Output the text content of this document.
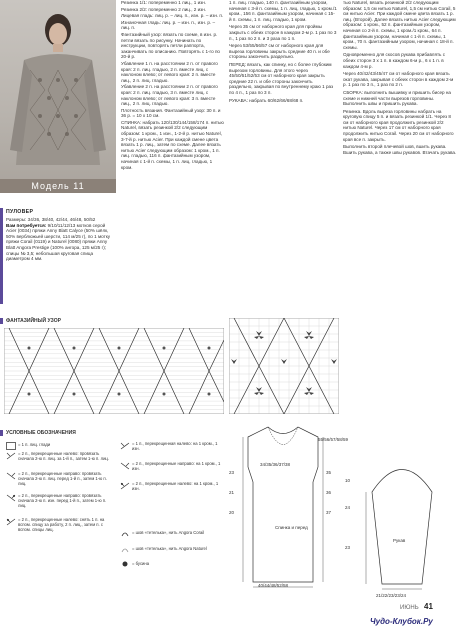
Модель 11
ПУЛОВЕР
Размеры: 34/36, 38/40, 42/44, 46/48, 50/52
Вам потребуется: 9/10/11/12/13 мотков серой Acier (0034) пряжи Anny Blatt Calyce (50% шёлк, 50% верблюжьей шерсти, 114 м/25 г), по 1 мотку пряжи Corail (0119) и Naturel (0080) пряжи Anny Blatt Angora Prestige (100% ангора, 125 м/25 г); спицы № 3,5; небольшая круговая спица диаметром 4 мм.

Резинка 1/1: попеременно 1 лиц., 1 изн.

Резинка 2/2: попеременно 2 лиц., 2 изн.

Лицевая гладь: лиц. р. – лиц. п., изн. р. – изн. п.

Изнаночная гладь: лиц. р. – изн. п., изн. р. – лиц. п.

Фантазийный узор: вязать по схеме, в изн. р. петли вязать по рисунку. Начинать по инструкции, повторять петли раппорта, заканчивать по описанию. Повторять с 1-го по 20-й р.

Убавление 1 п. на расстоянии 2 п. от правого края: 2 п. лиц. гладью, 2 п. вместе лиц. с наклоном влево; от левого края: 2 п. вместе лиц., 2 п. лиц. гладью.

Убавление 2 п. на расстоянии 2 п. от правого края: 2 п. лиц. гладью, 3 п. вместе лиц. с наклоном влево; от левого края: 3 п. вместе лиц., 2 п. лиц. гладью.

Плотность вязания. Фантазийный узор: 30 п. и 36 р. = 10 х 10 см.

СПИНКА: набрать 120/130/144/158/174 п. нитью Naturel, вязать резинкой 2/2 следующим образом: 1 кром., 1 изн., 1-2-й р. нитью Naturel, 3-7-й р. нитью Acier. При каждой смене цвета вязать 1 р. лиц., затем по схеме. Далее вязать нитью Acier следующим образом: 1 кром., 1 п. лиц. гладью, 116 п. фантазийным узором, начиная с 1-й п. схемы, 1 п. лиц. гладью, 1 кром.

1 п. лиц. гладью, 140 п. фантазийным узором, начиная с 3-й п. схемы, 1 п. лиц. гладью, 1 кром./1 кром., 156 п. фантазийным узором, начиная с 15-й п. схемы, 1 п. лиц. гладью, 1 кром.

Через 35 см от наборного края для проймы закрыть с обеих сторон в каждом 2-м р. 1 раз по 3 п., 1 раз по 2 п. и 3 раза по 1 п.

Через 53/55/56/57 см от наборного края для выреза горловины закрыть средние 40 п. и обе стороны закончить раздельно.

ПЕРЕД: вязать, как спинку, но с более глубоким вырезом горловины. Для этого через 45/50/51/52/53 см от наборного края закрыть средние 22 п. и обе стороны закончить раздельно, закрывая по внутреннему краю 1 раз по 4 п., 1 раз по 3 п.

РУКАВА: набрать 60/62/66/68/68 п.

тью Naturel, вязать резинкой 2/2 следующим образом: 1,5 см нитью Naturel, 1,5 см нитью Corail, 5 см нитью Acier. При каждой смене цвета вязать 1 р. лиц. (Второй). Далее вязать нитью Acier следующим образом: 1 кром., 52 п. фантазийным узором, начиная со 2-й п. схемы, 1 кром./1 кром., 64 п. фантазийным узором, начиная с 1-й п. схемы, 1 кром., 70 п. фантазийным узором, начиная с 18-й п. схемы.

Одновременно для скосов рукава прибавлять с обеих сторон 3 х 1 п. в каждом 6-м р., 6 х 1 п. в каждом 4-м р.

Через 40/42/43/45/47 см от наборного края вязать окат рукава, закрывая с обеих сторон в каждом 2-м р. 1 раз по 3 п., 1 раз по 2 п.

СБОРКА: выполнить вышивку и пришить бисер на схеме и нижней части вырезов горловины. Выполнить швы и пришить рукава.

Резинка. Вдоль выреза горловины набрать на круговую спицу 5 п. и вязать резинкой 1/1. Через 8 см от наборного края продолжить резинкой 2/2 нитью Naturel. Через 17 см от наборного края продолжить нитью Corail. Через 20 см от наборного края все п. закрыть.

Выполнить второй плечевой шов, вшить рукава. Вшить рукава, а также швы рукавов. Втачать рукава.

ФАНТАЗИЙНЫЙ УЗОР
УСЛОВНЫЕ ОБОЗНАЧЕНИЯ
= 1 п. лиц. глади
= 2 п., перекрещенные налево: провязать сначала 2-ю п. лиц. за 1-й п., затем 1-ю п. лиц.
= 2 п., перекрещенные направо: провязать сначала 2-ю п. лиц. перед 1-й п., затем 1-ю п. лиц.
= 2 п., перекрещенные направо: провязать сначала 2-ю п. изн. перед 1-й п., затем 1-ю п. лиц.
= 2 п., перекрещенные налево: снять 1 п. на вспом. спицу за работу, 2 п. лиц., затем п. с вспом. спицы лиц.
= 1 п., перекрещенная налево: на 1 кром., 1 изн.
= 2 п., перекрещенные направо: на 1 кром., 1 изн.
= 2 п., перекрещенные налево: на 1 кром., 1 изн.
= шов «тетелька», нить Angora Corail
= шов «тетелька», нить Angora Naturel
= бусина
34/35/36/37/38
55/56/57/58/59
Спинка и перед
40/44/48/52/58
23
21
20
35
36
37
Рукав
21/22/23/23/24
10
24
23
ИЮНЬ 41
Чудо-Клубок.Ру
